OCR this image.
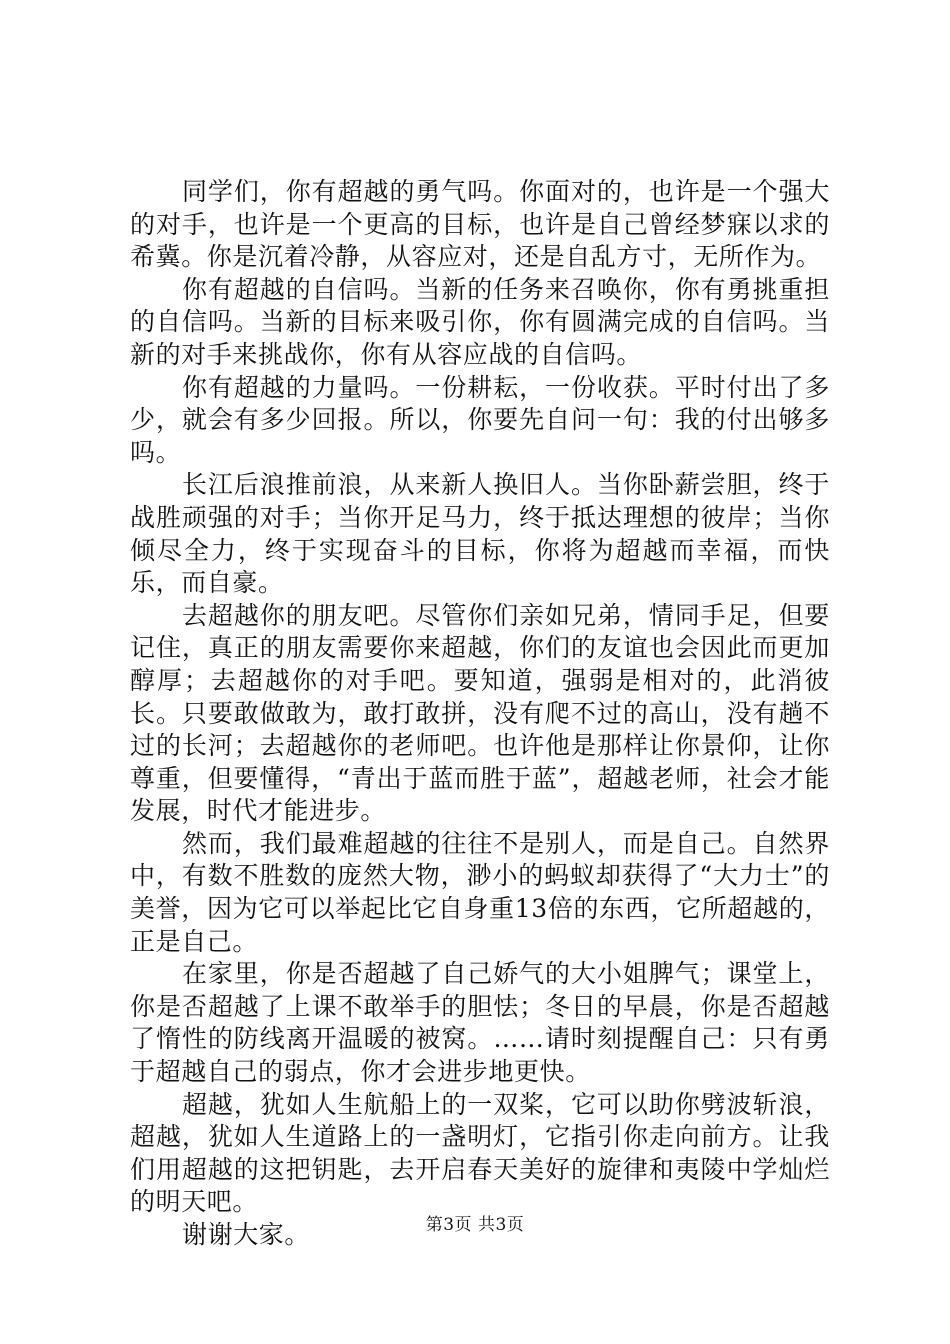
同学们，你有超越的勇气吗。你面对的，也许是一个强大的对手，也许是一个更高的目标，也许是自己曾经梦寐以求的希冀。你是沉着冷静，从容应对，还是自乱方寸，无所作为。

你有超越的自信吗。当新的任务来召唤你，你有勇挑重担的自信吗。当新的目标来吸引你，你有圆满完成的自信吗。当新的对手来挑战你，你有从容应战的自信吗。

你有超越的力量吗。一份耕耘，一份收获。平时付出了多少，就会有多少回报。所以，你要先自问一句：我的付出够多吗。

长江后浪推前浪，从来新人换旧人。当你卧薪尝胆，终于战胜顽强的对手；当你开足马力，终于抵达理想的彼岸；当你倾尽全力，终于实现奋斗的目标，你将为超越而幸福，而快乐，而自豪。

去超越你的朋友吧。尽管你们亲如兄弟，情同手足，但要记住，真正的朋友需要你来超越，你们的友谊也会因此而更加醇厚；去超越你的对手吧。要知道，强弱是相对的，此消彼长。只要敢做敢为，敢打敢拼，没有爬不过的高山，没有趟不过的长河；去超越你的老师吧。也许他是那样让你景仰，让你尊重，但要懂得，“青出于蓝而胜于蓝”，超越老师，社会才能发展，时代才能进步。

然而，我们最难超越的往往不是别人，而是自己。自然界中，有数不胜数的庞然大物，渺小的蚂蚁却获得了“大力士”的美誉，因为它可以举起比它自身重13倍的东西，它所超越的，正是自己。

在家里，你是否超越了自己娇气的大小姐脾气；课堂上，你是否超越了上课不敢举手的胆怯；冬日的早晨，你是否超越了惰性的防线离开温暖的被窝。……请时刻提醒自己：只有勇于超越自己的弱点，你才会进步地更快。

超越，犹如人生航船上的一双桨，它可以助你劈波斩浪，超越，犹如人生道路上的一盏明灯，它指引你走向前方。让我们用超越的这把钥匙，去开启春天美好的旋律和夷陵中学灿烂的明天吧。

谢谢大家。	第3页 共3页
